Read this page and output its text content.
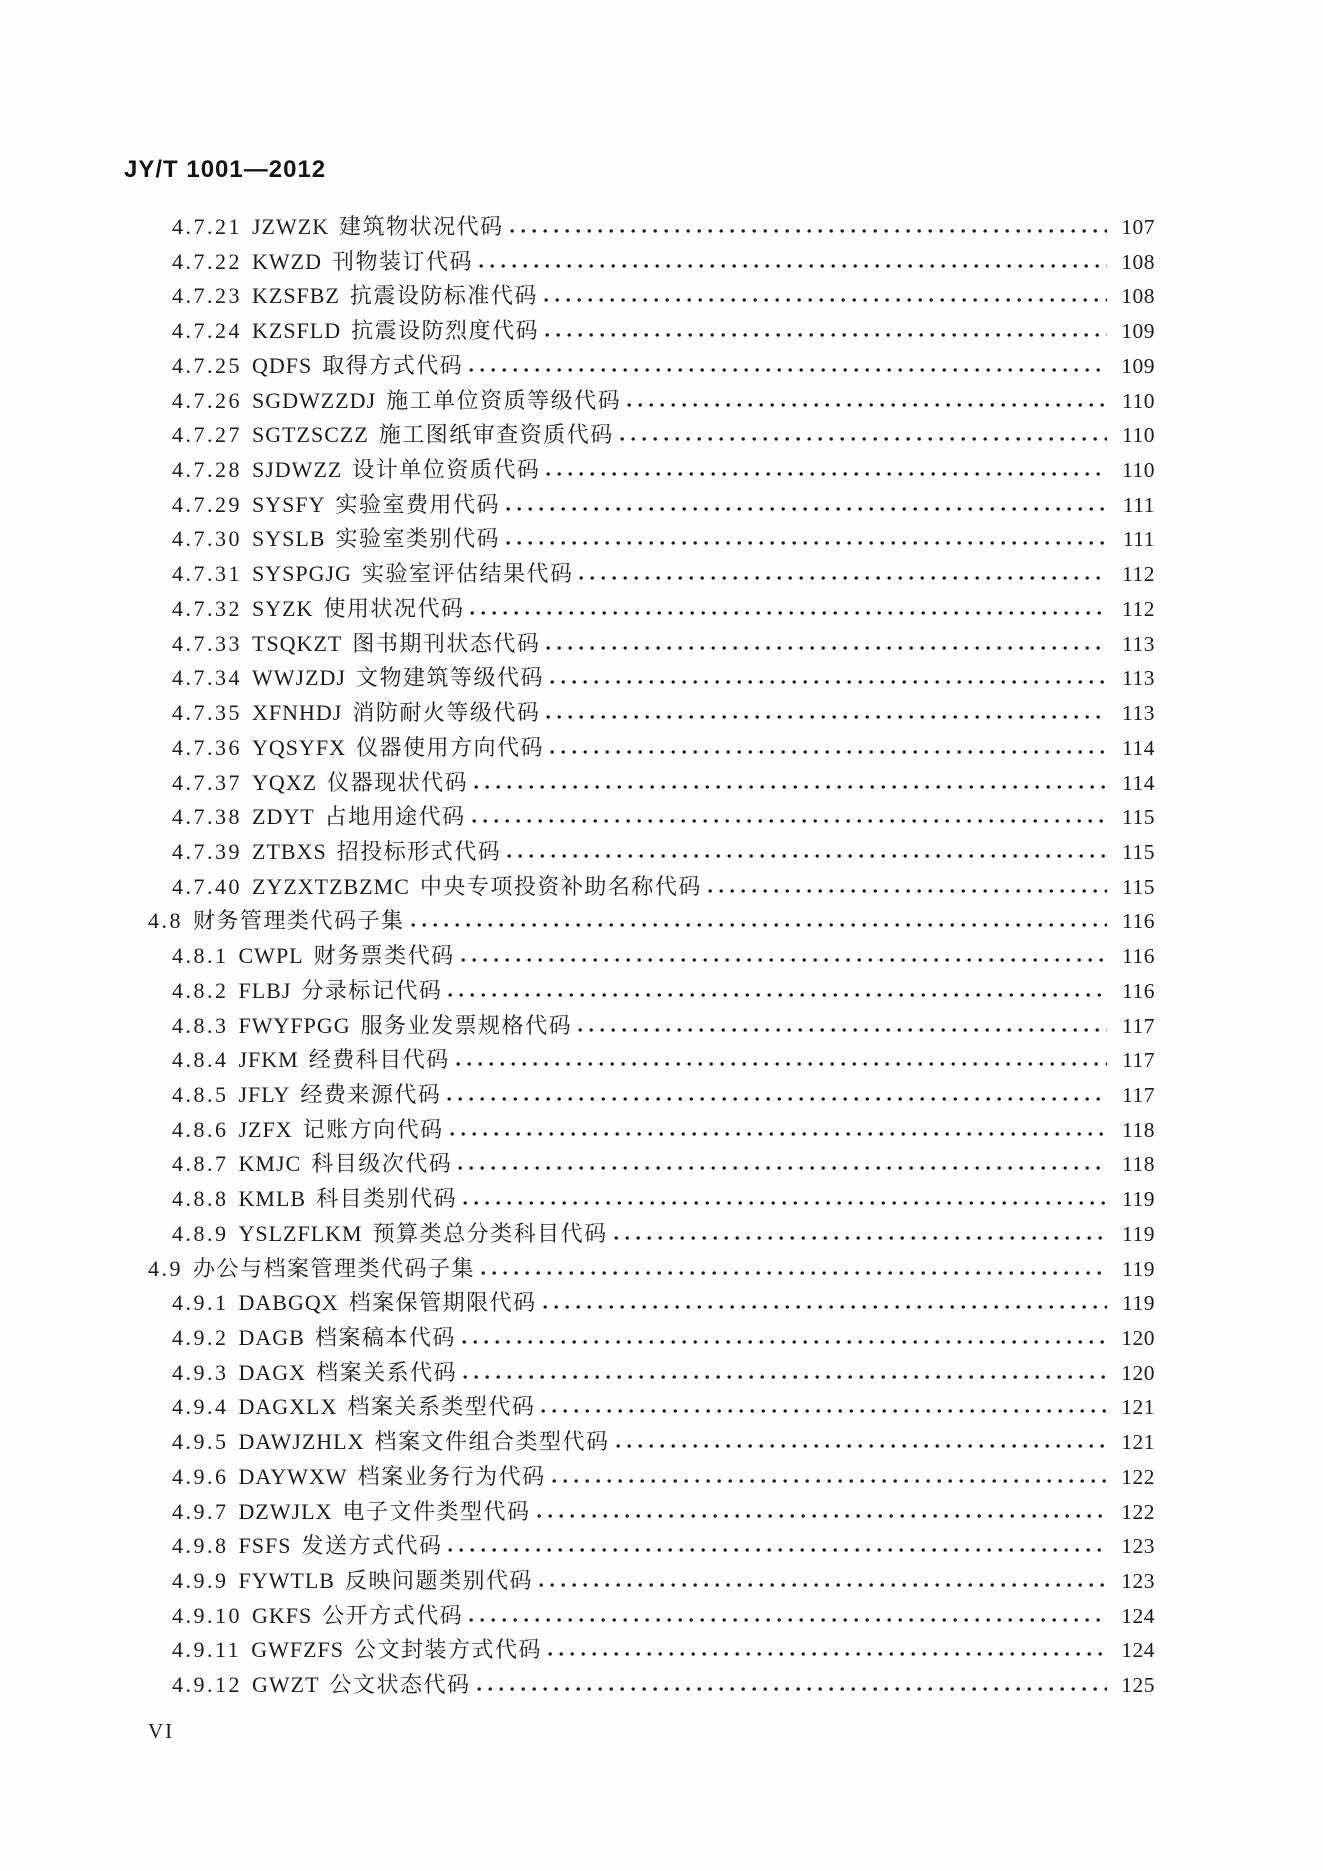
JY/T 1001—2012
4.7.21 JZWZK 建筑物状况代码	107
4.7.22 KWZD 刊物装订代码	108
4.7.23 KZSFBZ 抗震设防标准代码	108
4.7.24 KZSFLD 抗震设防烈度代码	109
4.7.25 QDFS 取得方式代码	109
4.7.26 SGDWZZDJ 施工单位资质等级代码	110
4.7.27 SGTZSCZZ 施工图纸审查资质代码	110
4.7.28 SJDWZZ 设计单位资质代码	110
4.7.29 SYSFY 实验室费用代码	111
4.7.30 SYSLB 实验室类别代码	111
4.7.31 SYSPGJG 实验室评估结果代码	112
4.7.32 SYZK 使用状况代码	112
4.7.33 TSQKZT 图书期刊状态代码	113
4.7.34 WWJZDJ 文物建筑等级代码	113
4.7.35 XFNHDJ 消防耐火等级代码	113
4.7.36 YQSYFX 仪器使用方向代码	114
4.7.37 YQXZ 仪器现状代码	114
4.7.38 ZDYT 占地用途代码	115
4.7.39 ZTBXS 招投标形式代码	115
4.7.40 ZYZXTZBZMC 中央专项投资补助名称代码	115
4.8 财务管理类代码子集	116
4.8.1 CWPL 财务票类代码	116
4.8.2 FLBJ 分录标记代码	116
4.8.3 FWYFPGG 服务业发票规格代码	117
4.8.4 JFKM 经费科目代码	117
4.8.5 JFLY 经费来源代码	117
4.8.6 JZFX 记账方向代码	118
4.8.7 KMJC 科目级次代码	118
4.8.8 KMLB 科目类别代码	119
4.8.9 YSLZFLKM 预算类总分类科目代码	119
4.9 办公与档案管理类代码子集	119
4.9.1 DABGQX 档案保管期限代码	119
4.9.2 DAGB 档案稿本代码	120
4.9.3 DAGX 档案关系代码	120
4.9.4 DAGXLX 档案关系类型代码	121
4.9.5 DAWJZHLX 档案文件组合类型代码	121
4.9.6 DAYWXW 档案业务行为代码	122
4.9.7 DZWJLX 电子文件类型代码	122
4.9.8 FSFS 发送方式代码	123
4.9.9 FYWTLB 反映问题类别代码	123
4.9.10 GKFS 公开方式代码	124
4.9.11 GWFZFS 公文封装方式代码	124
4.9.12 GWZT 公文状态代码	125
VI
